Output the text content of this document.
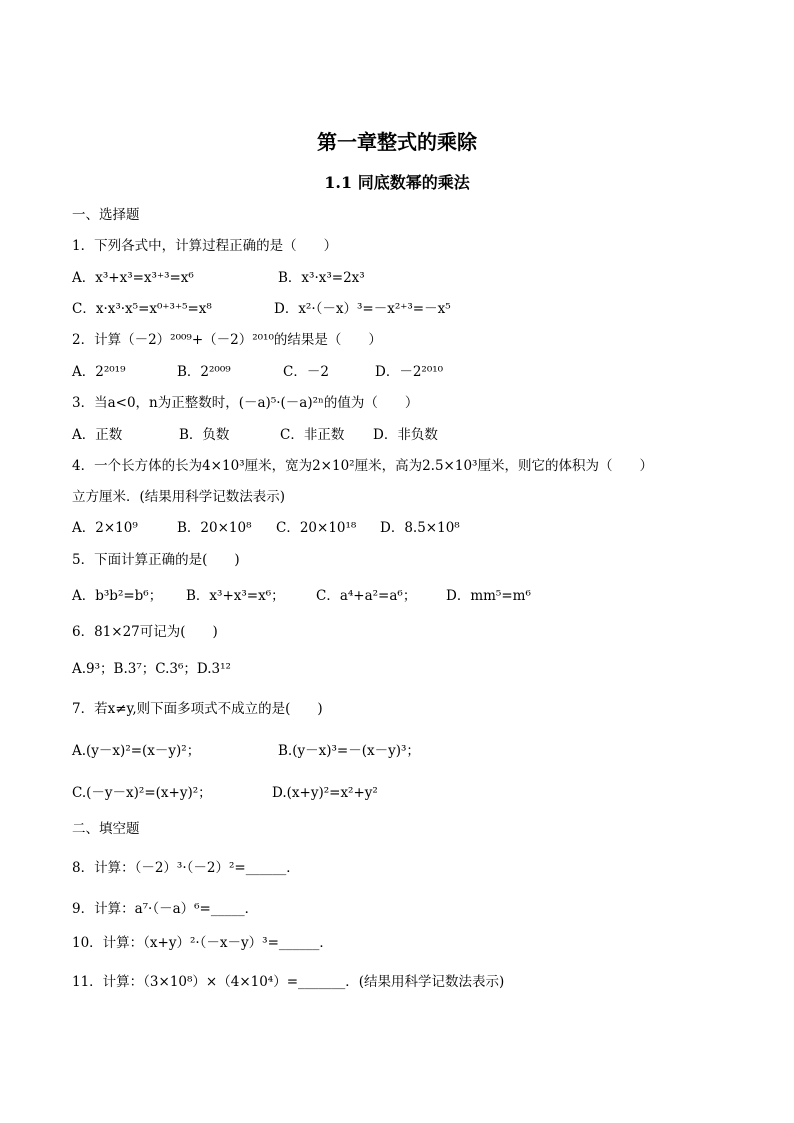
第一章整式的乘除
1.1 同底数幂的乘法
一、选择题
1．下列各式中，计算过程正确的是（　　）
A．x³+x³=x³⁺³=x⁶	B．x³·x³=2x³
C．x·x³·x⁵=x⁰⁺³⁺⁵=x⁸	D．x²·（－x）³=－x²⁺³=－x⁵
2．计算（－2）²⁰⁰⁹+（－2）²⁰¹⁰的结果是（　　）
A．2²⁰¹⁹	B．2²⁰⁰⁹	C．－2	D．－2²⁰¹⁰
3．当a<0，n为正整数时，(－a)⁵·(－a)²ⁿ的值为（　　）
A．正数	B．负数	C．非正数 D．非负数
4．一个长方体的长为4×10³厘米，宽为2×10²厘米，高为2.5×10³厘米，则它的体积为（　　）
立方厘米．(结果用科学记数法表示)
A．2×10⁹	B．20×10⁸ C．20×10¹⁸ D．8.5×10⁸
5．下面计算正确的是(　　)
A．b³b²=b⁶； B．x³+x³=x⁶； C．a⁴+a²=a⁶； D．mm⁵=m⁶
6．81×27可记为(　　)
A.9³；B.3⁷；C.3⁶；D.3¹²
7．若x≠y,则下面多项式不成立的是(　　)
A.(y－x)²=(x－y)²；	B.(y－x)³=－(x－y)³；
C.(－y－x)²=(x+y)²；	D.(x+y)²=x²+y²
二、填空题
8．计算：（－2）³·（－2）²=______．
9．计算：a⁷·（－a）⁶=_____．
10．计算：（x+y）²·（－x－y）³=______．
11．计算：（3×10⁸）×（4×10⁴）=_______．(结果用科学记数法表示)
